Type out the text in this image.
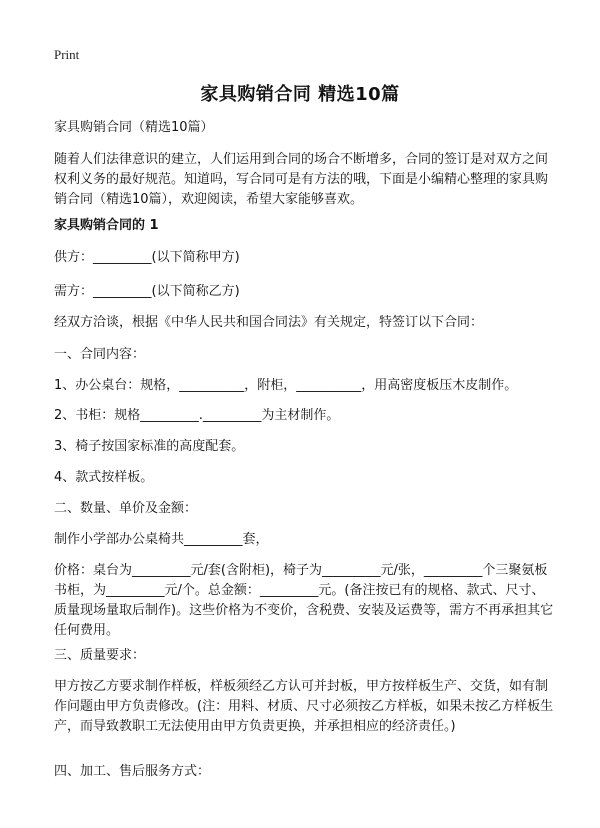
Print
家具购销合同 精选10篇
家具购销合同（精选10篇）
随着人们法律意识的建立，人们运用到合同的场合不断增多，合同的签订是对双方之间权利义务的最好规范。知道吗，写合同可是有方法的哦，下面是小编精心整理的家具购销合同（精选10篇），欢迎阅读，希望大家能够喜欢。
家具购销合同的 1
供方：_________(以下简称甲方)
需方：_________(以下简称乙方)
经双方洽谈，根据《中华人民共和国合同法》有关规定，特签订以下合同：
一、合同内容：
1、办公桌台：规格，__________，附柜，__________，用高密度板压木皮制作。
2、书柜：规格_________._________为主材制作。
3、椅子按国家标准的高度配套。
4、款式按样板。
二、数量、单价及金额：
制作小学部办公桌椅共_________套，
价格：桌台为_________元/套(含附柜)，椅子为_________元/张，_________个三聚氨板书柜，为_________元/个。总金额：_________元。(备注按已有的规格、款式、尺寸、质量现场量取后制作)。这些价格为不变价，含税费、安装及运费等，需方不再承担其它任何费用。
三、质量要求：
甲方按乙方要求制作样板，样板须经乙方认可并封板，甲方按样板生产、交货，如有制作问题由甲方负责修改。(注：用料、材质、尺寸必须按乙方样板，如果未按乙方样板生产，而导致教职工无法使用由甲方负责更换，并承担相应的经济责任。)
四、加工、售后服务方式：
